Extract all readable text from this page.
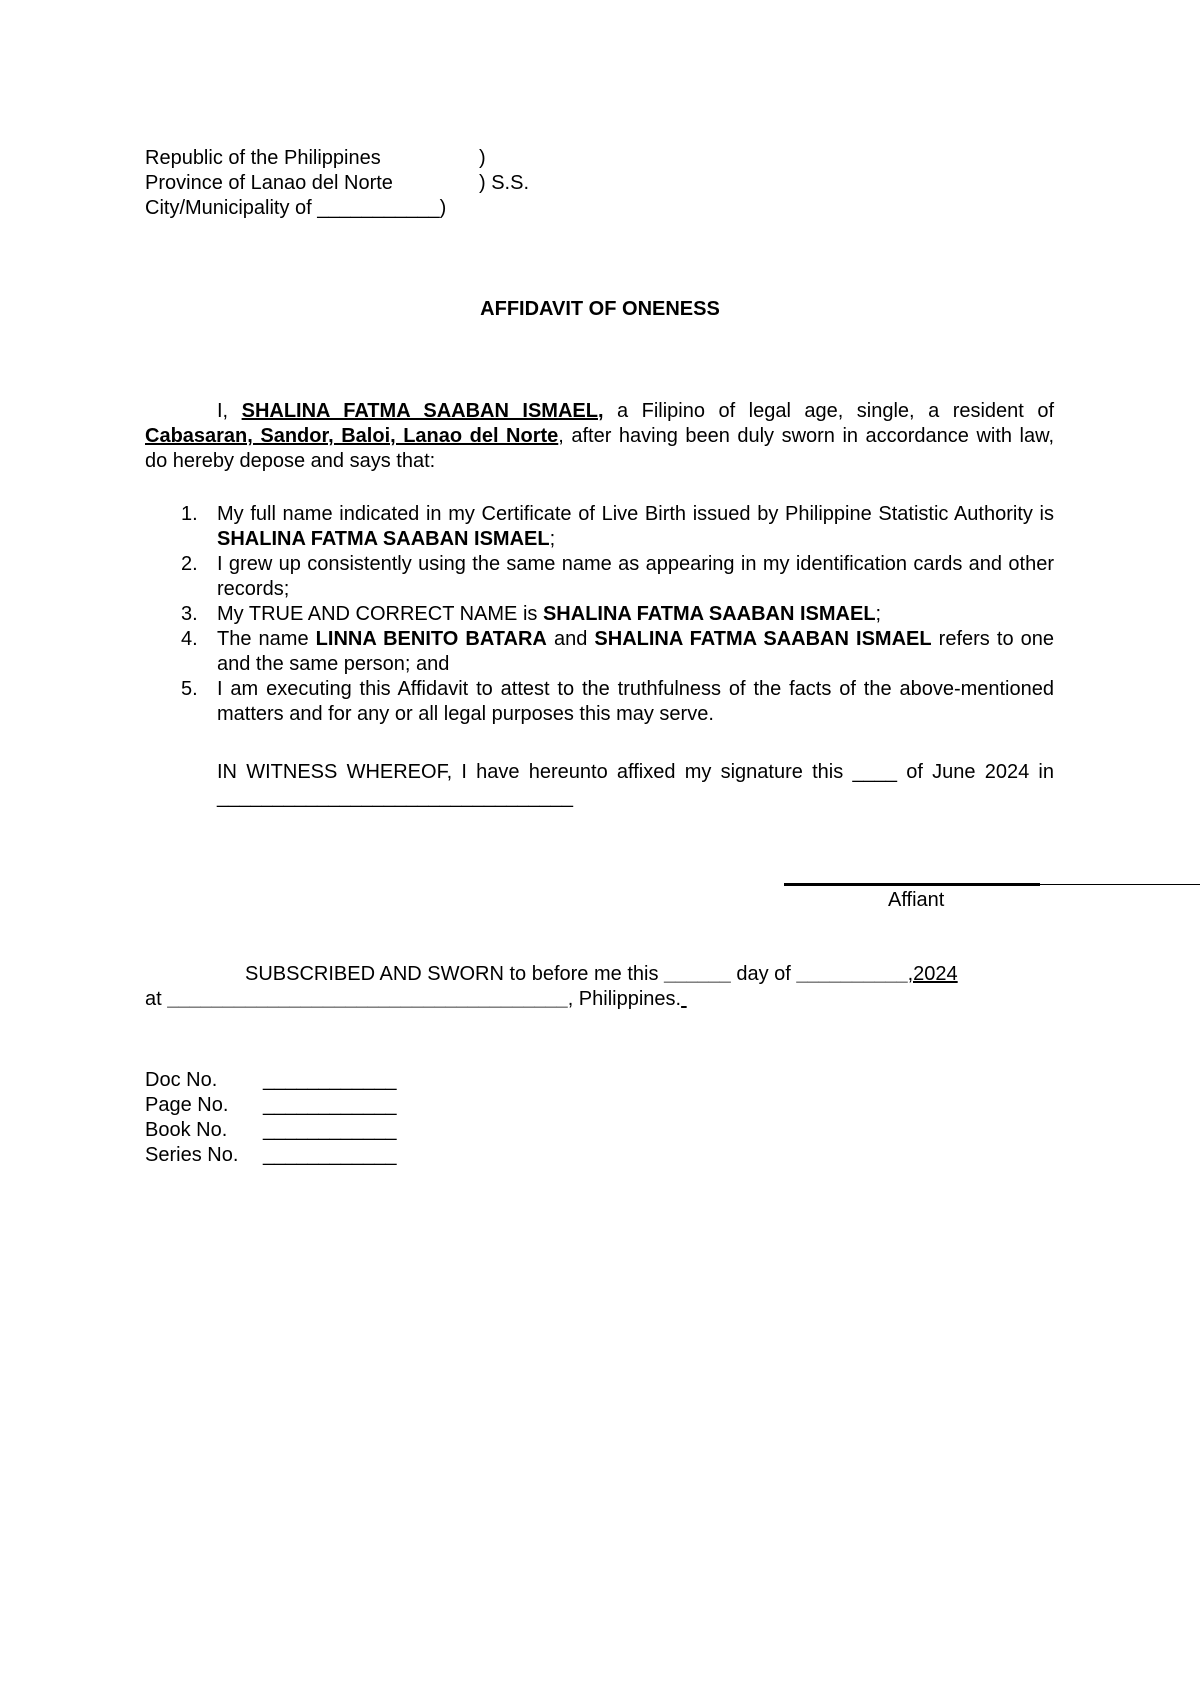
Republic of the Philippines	)
Province of Lanao del Norte	) S.S.
City/Municipality of ___________)
AFFIDAVIT OF ONENESS
I, SHALINA FATMA SAABAN ISMAEL, a Filipino of legal age, single, a resident of Cabasaran, Sandor, Baloi, Lanao del Norte, after having been duly sworn in accordance with law, do hereby depose and says that:
1. My full name indicated in my Certificate of Live Birth issued by Philippine Statistic Authority is SHALINA FATMA SAABAN ISMAEL;
2. I grew up consistently using the same name as appearing in my identification cards and other records;
3. My TRUE AND CORRECT NAME is SHALINA FATMA SAABAN ISMAEL;
4. The name LINNA BENITO BATARA and SHALINA FATMA SAABAN ISMAEL refers to one and the same person; and
5. I am executing this Affidavit to attest to the truthfulness of the facts of the above-mentioned matters and for any or all legal purposes this may serve.
IN WITNESS WHEREOF, I have hereunto affixed my signature this ____ of June 2024 in ________________________________
Affiant
SUBSCRIBED AND SWORN to before me this ______ day of __________,2024
at ____________________________________, Philippines.
Doc No. ____________
Page No. ____________
Book No. ____________
Series No. ____________
